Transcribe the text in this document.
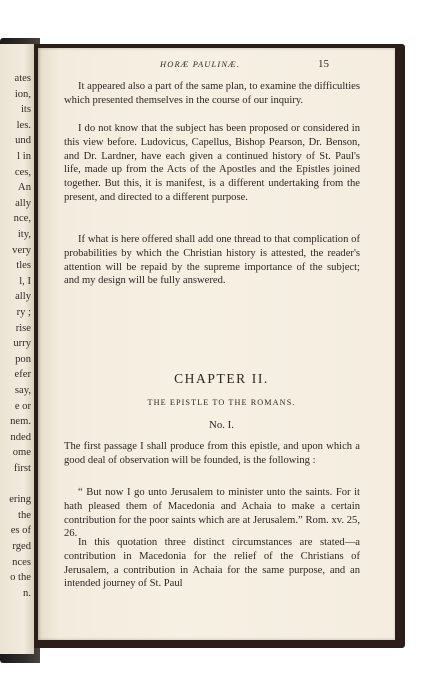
ates
ion,
its
les.
und
l in
ces,
An
ally
nce,
ity,
very
tles
l, I
ally
ry ;
rise
urry
pon
efer
say,
e or
nem.
nded
ome
first
ering
the
es of
rged
nces
o the
n.
HORÆ PAULINÆ.	15
It appeared also a part of the same plan, to examine the difficulties which presented themselves in the course of our inquiry.
I do not know that the subject has been proposed or considered in this view before. Ludovicus, Capellus, Bishop Pearson, Dr. Benson, and Dr. Lardner, have each given a continued history of St. Paul's life, made up from the Acts of the Apostles and the Epistles joined together. But this, it is manifest, is a different undertaking from the present, and directed to a different purpose.
If what is here offered shall add one thread to that complication of probabilities by which the Christian history is attested, the reader's attention will be repaid by the supreme importance of the subject; and my design will be fully answered.
CHAPTER II.
THE EPISTLE TO THE ROMANS.
No. I.
The first passage I shall produce from this epistle, and upon which a good deal of observation will be founded, is the following :
“ But now I go unto Jerusalem to minister unto the saints. For it hath pleased them of Macedonia and Achaia to make a certain contribution for the poor saints which are at Jerusalem.” Rom. xv. 25, 26.
In this quotation three distinct circumstances are stated—a contribution in Macedonia for the relief of the Christians of Jerusalem, a contribution in Achaia for the same purpose, and an intended journey of St. Paul
